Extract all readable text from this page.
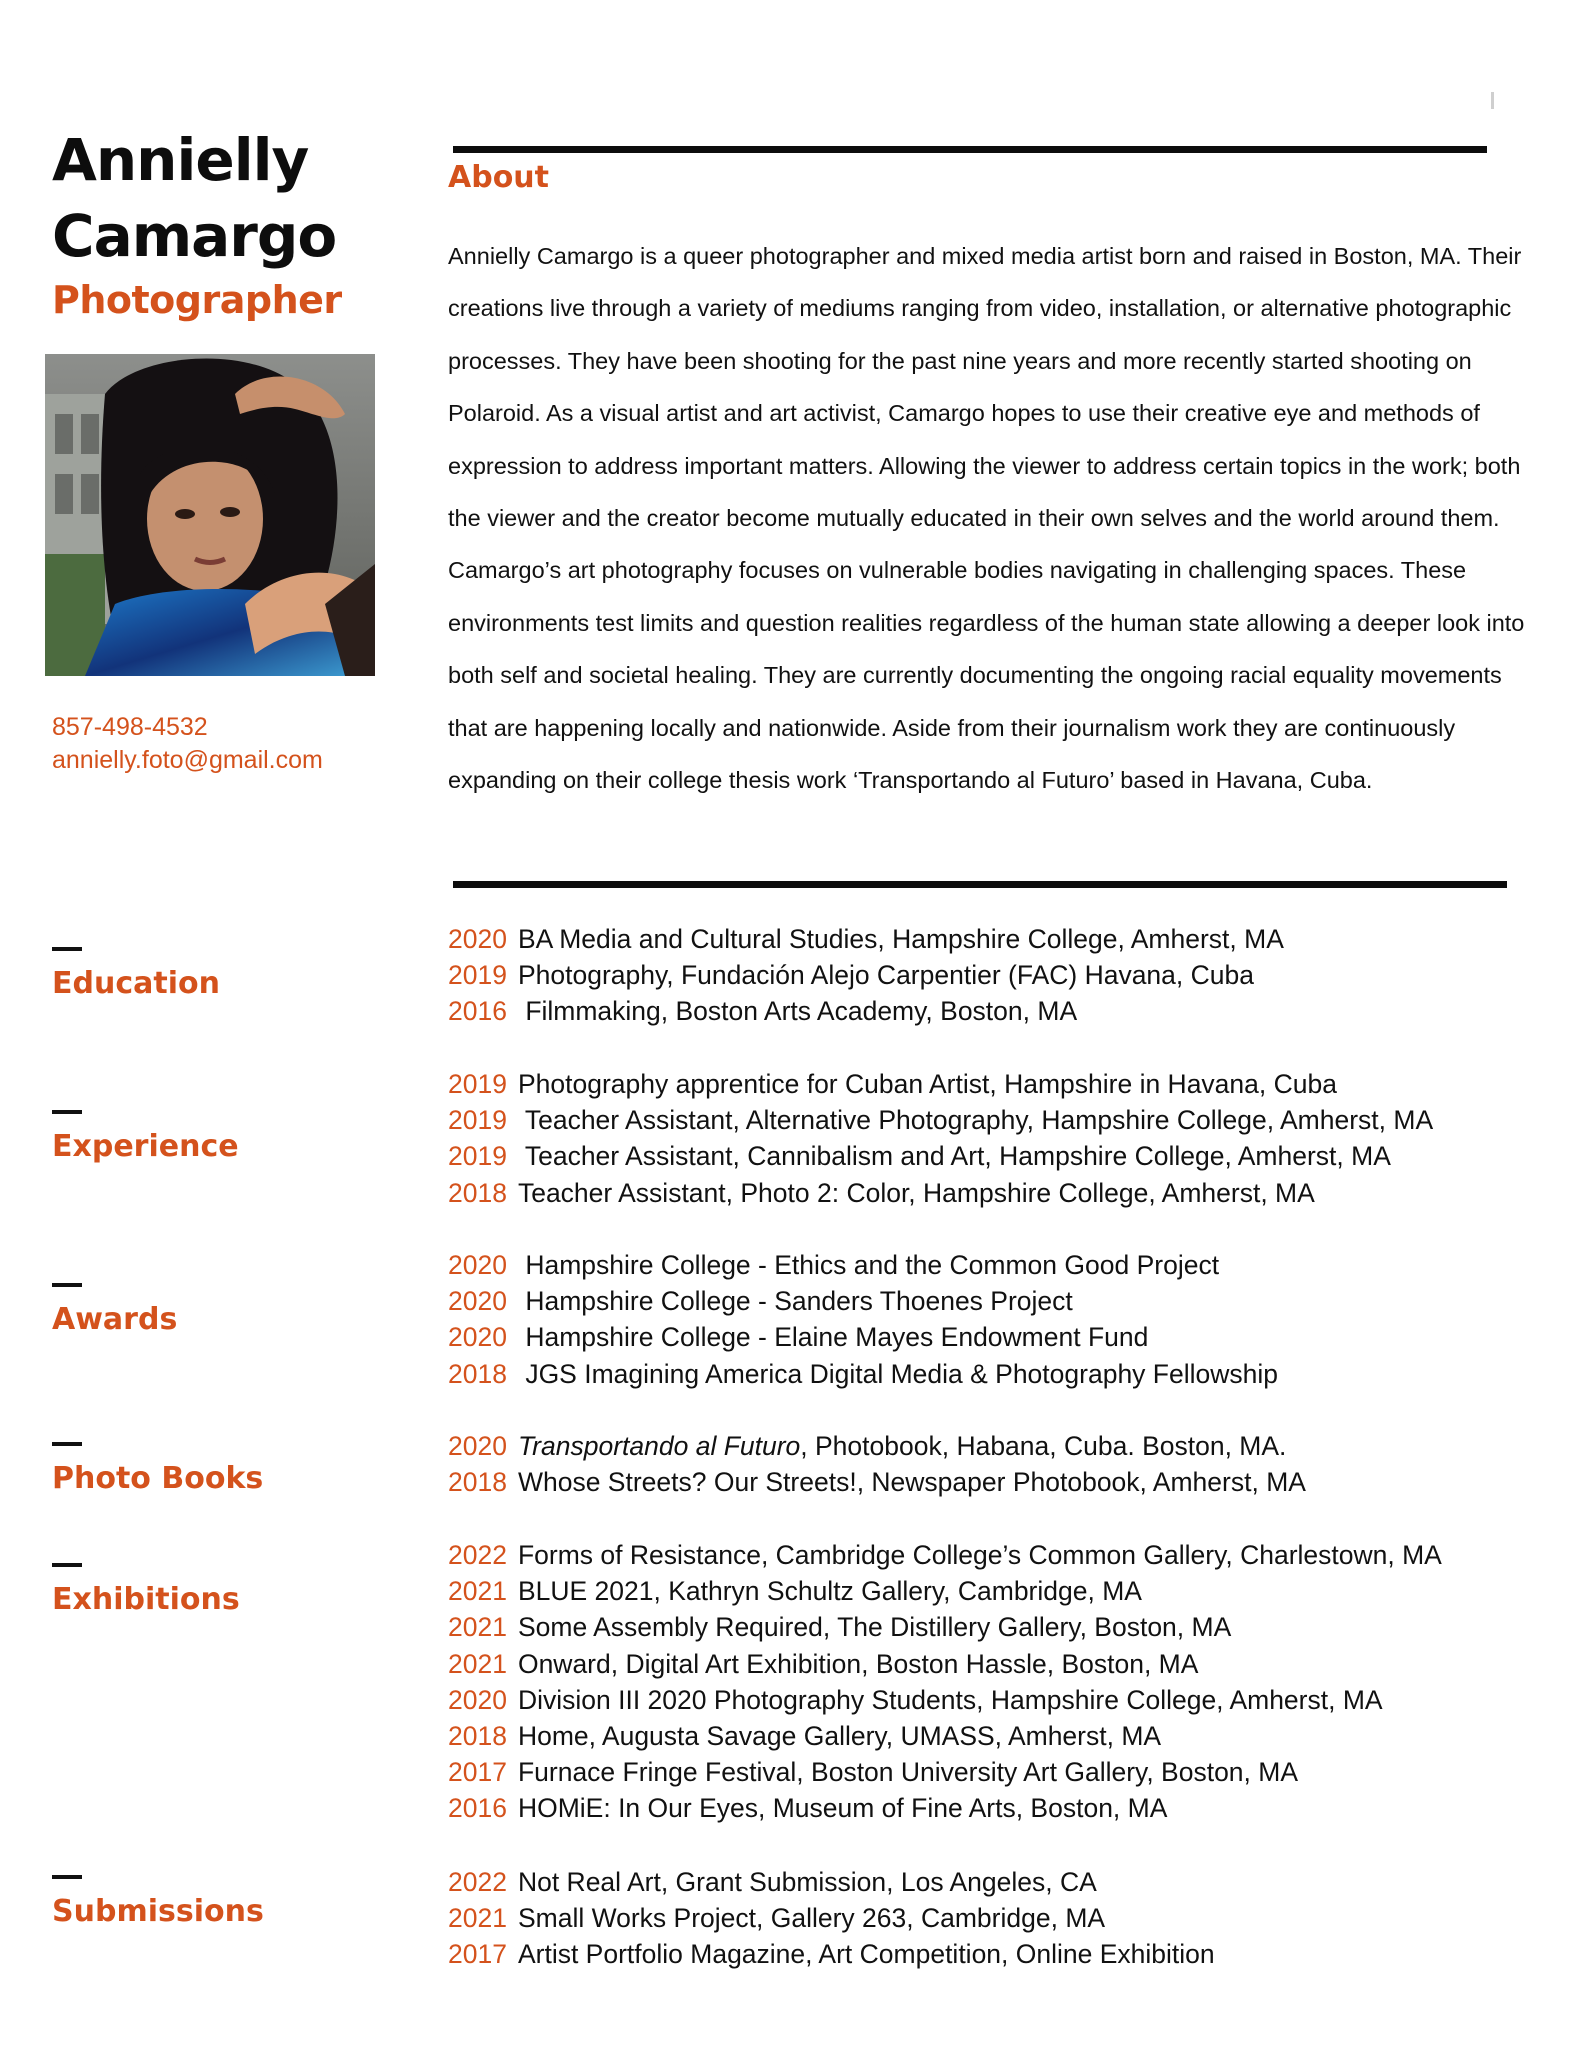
Annielly
Camargo
Photographer
857-498-4532
annielly.foto@gmail.com
Education
Experience
Awards
Photo Books
Exhibitions
Submissions
About
Annielly Camargo is a queer photographer and mixed media artist born and raised in Boston, MA. Their creations live through a variety of mediums ranging from video, installation, or alternative photographic processes. They have been shooting for the past nine years and more recently started shooting on Polaroid. As a visual artist and art activist, Camargo hopes to use their creative eye and methods of expression to address important matters. Allowing the viewer to address certain topics in the work; both the viewer and the creator become mutually educated in their own selves and the world around them. Camargo’s art photography focuses on vulnerable bodies navigating in challenging spaces. These environments test limits and question realities regardless of the human state allowing a deeper look into both self and societal healing. They are currently documenting the ongoing racial equality movements that are happening locally and nationwide. Aside from their journalism work they are continuously expanding on their college thesis work ‘Transportando al Futuro’ based in Havana, Cuba.
2020 BA Media and Cultural Studies, Hampshire College, Amherst, MA
2019 Photography, Fundación Alejo Carpentier (FAC) Havana, Cuba
2016 Filmmaking, Boston Arts Academy, Boston, MA
2019 Photography apprentice for Cuban Artist, Hampshire in Havana, Cuba
2019 Teacher Assistant, Alternative Photography, Hampshire College, Amherst, MA
2019 Teacher Assistant, Cannibalism and Art, Hampshire College, Amherst, MA
2018 Teacher Assistant, Photo 2: Color, Hampshire College, Amherst, MA
2020 Hampshire College - Ethics and the Common Good Project
2020 Hampshire College - Sanders Thoenes Project
2020 Hampshire College - Elaine Mayes Endowment Fund
2018 JGS Imagining America Digital Media & Photography Fellowship
2020 Transportando al Futuro, Photobook, Habana, Cuba. Boston, MA.
2018 Whose Streets? Our Streets!, Newspaper Photobook, Amherst, MA
2022 Forms of Resistance, Cambridge College’s Common Gallery, Charlestown, MA
2021 BLUE 2021, Kathryn Schultz Gallery, Cambridge, MA
2021 Some Assembly Required, The Distillery Gallery, Boston, MA
2021 Onward, Digital Art Exhibition, Boston Hassle, Boston, MA
2020 Division III 2020 Photography Students, Hampshire College, Amherst, MA
2018 Home, Augusta Savage Gallery, UMASS, Amherst, MA
2017 Furnace Fringe Festival, Boston University Art Gallery, Boston, MA
2016 HOMiE: In Our Eyes, Museum of Fine Arts, Boston, MA
2022 Not Real Art, Grant Submission, Los Angeles, CA
2021 Small Works Project, Gallery 263, Cambridge, MA
2017 Artist Portfolio Magazine, Art Competition, Online Exhibition
